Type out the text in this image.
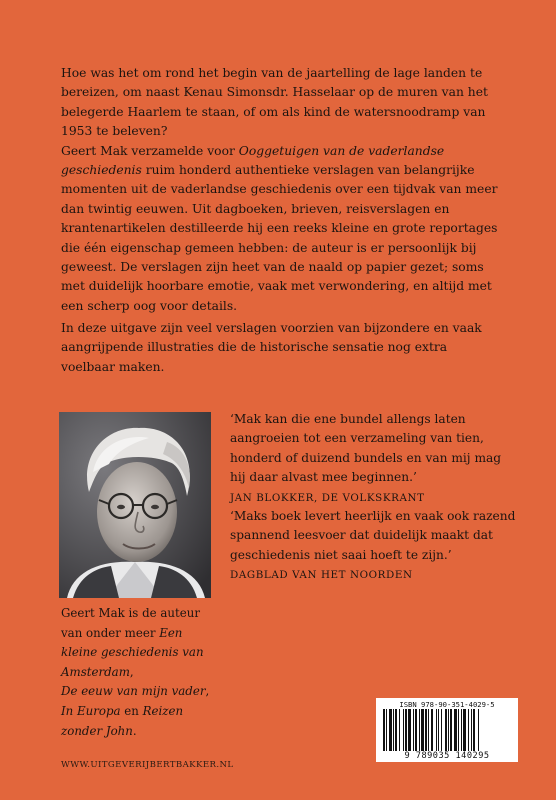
Hoe was het om rond het begin van de jaartelling de lage landen te bereizen, om naast Kenau Simonsdr. Hasselaar op de muren van het belegerde Haarlem te staan, of om als kind de watersnoodramp van 1953 te beleven?
Geert Mak verzamelde voor Ooggetuigen van de vaderlandse geschiedenis ruim honderd authentieke verslagen van belangrijke momenten uit de vaderlandse geschiedenis over een tijdvak van meer dan twintig eeuwen. Uit dagboeken, brieven, reisverslagen en krantenartikelen destilleerde hij een reeks kleine en grote reportages die één eigenschap gemeen hebben: de auteur is er persoonlijk bij geweest. De verslagen zijn heet van de naald op papier gezet; soms met duidelijk hoorbare emotie, vaak met verwondering, en altijd met een scherp oog voor details.

In deze uitgave zijn veel verslagen voorzien van bijzondere en vaak aangrijpende illustraties die de historische sensatie nog extra voelbaar maken.

Geert Mak is de auteur van onder meer Een kleine geschiedenis van Amsterdam,
De eeuw van mijn vader,
In Europa en Reizen zonder John.

‘Mak kan die ene bundel allengs laten aangroeien tot een verzameling van tien, honderd of duizend bundels en van mij mag hij daar alvast mee beginnen.’

JAN BLOKKER, DE VOLKSKRANT

‘Maks boek levert heerlijk en vaak ook razend spannend leesvoer dat duidelijk maakt dat geschiedenis niet saai hoeft te zijn.’

DAGBLAD VAN HET NOORDEN

ISBN 978-90-351-4029-5
9 789035 140295
WWW.UITGEVERIJBERTBAKKER.NL
